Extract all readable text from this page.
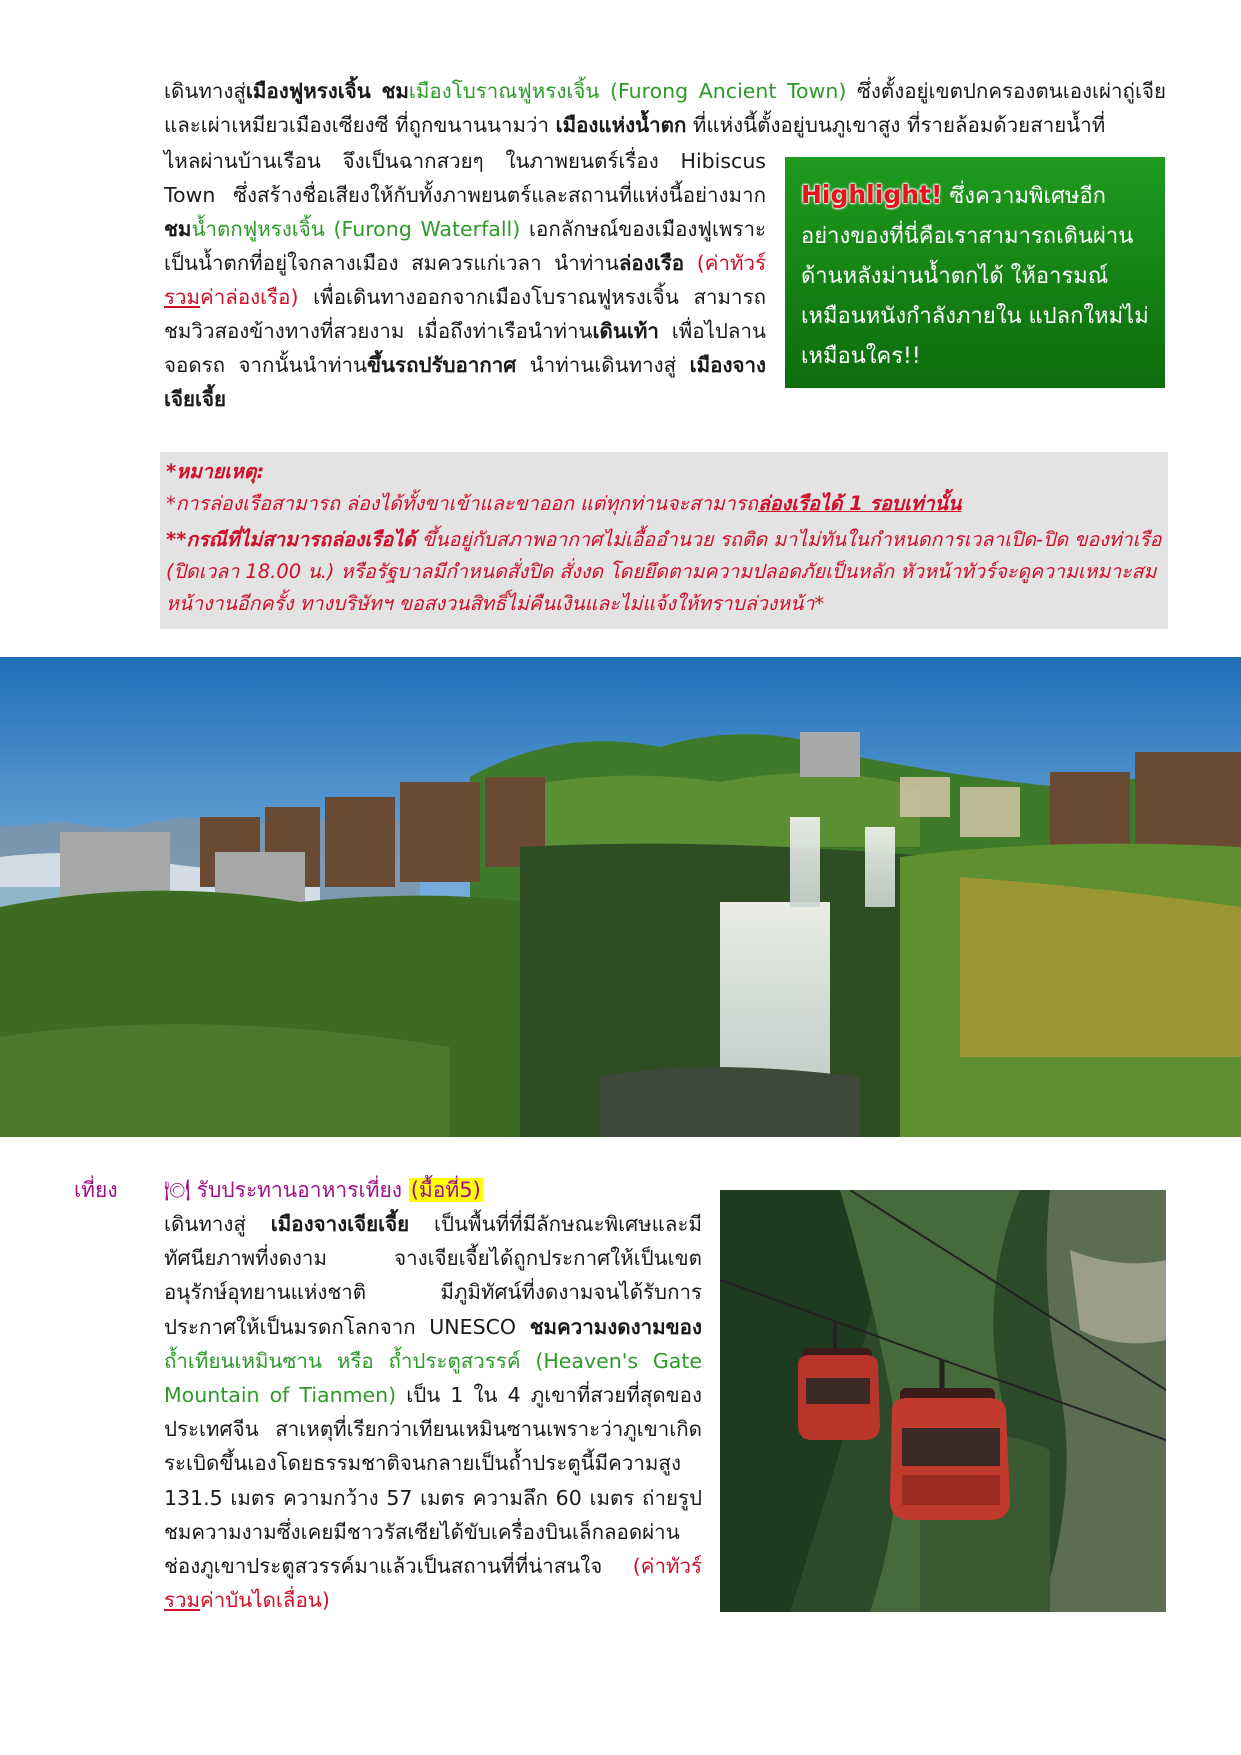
เดินทางสู่เมืองฟูหรงเจิ้น ชมเมืองโบราณฟูหรงเจิ้น (Furong Ancient Town) ซึ่งตั้งอยู่เขตปกครองตนเองเผ่าถู่เจียและเผ่าเหมียวเมืองเซียงซี ที่ถูกขนานนามว่า เมืองแห่งน้ำตก ที่แห่งนี้ตั้งอยู่บนภูเขาสูง ที่รายล้อมด้วยสายน้ำที่
ไหลผ่านบ้านเรือน จึงเป็นฉากสวยๆ ในภาพยนตร์เรื่อง Hibiscus Town ซึ่งสร้างชื่อเสียงให้กับทั้งภาพยนตร์และสถานที่แห่งนี้อย่างมาก ชมน้ำตกฟูหรงเจิ้น (Furong Waterfall) เอกลักษณ์ของเมืองฟูเพราะเป็นน้ำตกที่อยู่ใจกลางเมือง สมควรแก่เวลา นำท่านล่องเรือ (ค่าทัวร์รวมค่าล่องเรือ) เพื่อเดินทางออกจากเมืองโบราณฟูหรงเจิ้น สามารถชมวิวสองข้างทางที่สวยงาม เมื่อถึงท่าเรือนำท่านเดินเท้า เพื่อไปลานจอดรถ จากนั้นนำท่านขึ้นรถปรับอากาศ นำท่านเดินทางสู่ เมืองจางเจียเจี้ย
Highlight! ซึ่งความพิเศษอีกอย่างของที่นี่คือเราสามารถเดินผ่านด้านหลังม่านน้ำตกได้ ให้อารมณ์เหมือนหนังกำลังภายใน แปลกใหม่ไม่เหมือนใคร!!

*หมายเหตุ:

*การล่องเรือสามารถ ล่องได้ทั้งขาเข้าและขาออก แต่ทุกท่านจะสามารถล่องเรือได้ 1 รอบเท่านั้น

**กรณีที่ไม่สามารถล่องเรือได้ ขึ้นอยู่กับสภาพอากาศไม่เอื้ออำนวย รถติด มาไม่ทันในกำหนดการเวลาเปิด-ปิด ของท่าเรือ (ปิดเวลา 18.00 น.) หรือรัฐบาลมีกำหนดสั่งปิด สั่งงด โดยยึดตามความปลอดภัยเป็นหลัก หัวหน้าทัวร์จะดูความเหมาะสมหน้างานอีกครั้ง ทางบริษัทฯ ขอสงวนสิทธิ์ไม่คืนเงินและไม่แจ้งให้ทราบล่วงหน้า*

เที่ยง 🍽 รับประทานอาหารเที่ยง (มื้อที่5)
เดินทางสู่ เมืองจางเจียเจี้ย เป็นพื้นที่ที่มีลักษณะพิเศษและมีทัศนียภาพที่งดงาม จางเจียเจี้ยได้ถูกประกาศให้เป็นเขตอนุรักษ์อุทยานแห่งชาติ มีภูมิทัศน์ที่งดงามจนได้รับการประกาศให้เป็นมรดกโลกจาก UNESCO ชมความงดงามของ ถ้ำเทียนเหมินซาน หรือ ถ้ำประตูสวรรค์ (Heaven's Gate Mountain of Tianmen) เป็น 1 ใน 4 ภูเขาที่สวยที่สุดของประเทศจีน สาเหตุที่เรียกว่าเทียนเหมินซานเพราะว่าภูเขาเกิดระเบิดขึ้นเองโดยธรรมชาติจนกลายเป็นถ้ำประตูนี้มีความสูง 131.5 เมตร ความกว้าง 57 เมตร ความลึก 60 เมตร ถ่ายรูปชมความงามซึ่งเคยมีชาวรัสเซียได้ขับเครื่องบินเล็กลอดผ่านช่องภูเขาประตูสวรรค์มาแล้วเป็นสถานที่ที่น่าสนใจ (ค่าทัวร์ รวมค่าบันไดเลื่อน)
